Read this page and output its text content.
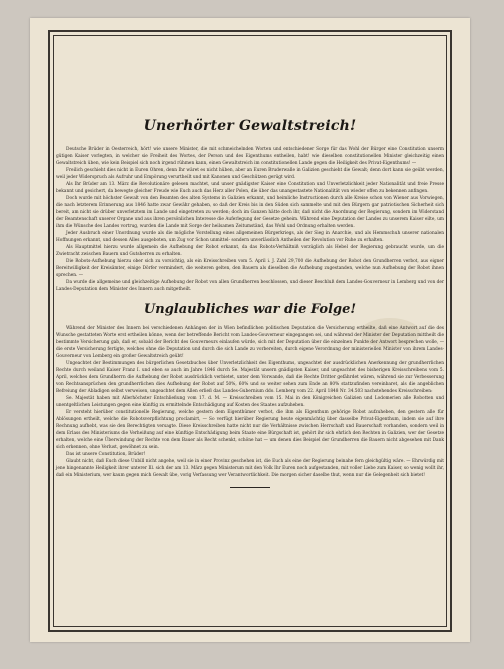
Unerhörter Gewaltstreich!

Deutsche Brüder in Oesterreich, hört! wie unsere Minister, die mit schmeichelnden Worten und entschiedener Sorge für das Wohl der Bürger eine Constitution unserm gütigen Kaiser vorlegten, in welcher sie Freiheit des Wortes, der Person und des Eigenthums entheilen, habt! wie dieselben constitutionellen Minister gleichzeitig einen Gewaltstreich üben, wie kein Beispiel sich noch irgend rühmen kann, einen Gewaltstreich im constitutionellen Lande gegen die Heiligkeit des Privat-Eigenthums! —

Freilich geschieht dies nicht in Euren Ohren, denn Ihr wäret es nicht hüben, aber an Euren Bruderwalle in Galizien geschieht die Gewalt; denn dort kann sie geübt werden, weil jeder Widerspruch als Aufruhr und Empörung verurtheilt und mit Kanonen und Geschützen gerügt wird.

Als Ihr Brüder am 13. März die Revolutionäre gelesen machtet, und unser gnädigster Kaiser eine Constitution und Unverletzlichkeit jeder Nationalität und freie Presse bekannt und gesichert, da bewegte gleicher Freude wie Euch auch das Herz aller Polen, die über das unangestastete Nationalität von wieder offen zu bekennen anfingen.

Doch wurde mit höchster Gewalt von den Beamten des alten Systems in Galizien erkannt, und heimliche Instructionen durch alle Kreise schon von Wiener aus Vorwiegen, die nach letzterem Erinnerung aus 1846 hatte zwar Gewähr gehaben, so daß der Kreis bis in den Süden sich sammelte und mit den Bürgern gar patriotischen Sicherheit sich bereit, am nicht sie drüber unverletztem im Lande und eingetreten zu werden; doch im Ganzen hätte doch ihr, daß nicht die Anordnung der Regierung, sondern im Widerstand der Beamtenschaft unserer Organe und aus ihren persönlichen Interesse die Auferlegung der Gesetze geheim. Während eine Deputation der Landes zu unserem Kaiser eilte, um ihm die Wünsche des Landes vortrug, wurden die Lande mit Sorge der heilsamen Zeitumständ, das Wohl und Ordnung erhalten werden.

Jeder Ausbruch einer Unordnung wurde als die mögliche Vorstellung eines allgemeinen Bürgerkriegs, als der Sieg in Anarchie, und als Hemmschuh unserer nationalen Hoffnungen erkannt, und dessen Alles ausgeboten, um Zug vor Schon unmittel- sondern unverlässlich Antheilen der Revolution vor Ruhe zu erhalten.

Als Hauptmittel hierzu wurde allgemein die Aufhebung der Robot erkannt, da das Robots-Verhältniß vorzüglich als Hebel der Regierung gebraucht wurde, um die Zwietracht zwischen Bauern und Gutsherren zu erhalten.

Die Robots-Aufhebung hierzu ober sich zu vorsichtig, als ein Kreisschreiben vom 5. April i. J. Zahl 29,700 die Aufhebung der Robot den Grundherren verbot, aus eigner Bereitwilligkeit der Kreisämter, einige Dörfer vermindert, die weiteren gelten, den Bauern als dieselben die Aufhebung zugestanden, welche nun Aufhebung der Robot ihnen sprechen. —

Da wurde die allgemeine und gleichzeitige Aufhebung der Robot von allen Grundherren beschlossen, und dieser Beschluß dem Landes-Gouverneur in Lemberg und von der Landes-Deputation dem Minister des Innern auch mitgetheilt.

Unglaubliches war die Folge!

Während der Minister des Innern bei verschiedenen Anhängen der in Wien befindlichen politischen Deputation die Versicherung ertheilte, daß eine Antwort auf die des Wunsche gestatteten Worte erst ertheilen könne, wenn der betreffende Bericht vom Landes-Gouverneur eingegangen sei, und während der Minister der Deputation mittheilt die bestimmte Versicherung gab, daß er, sobald der Bericht des Gouverneurs einlaufen würde, sich mit der Deputation über die einzelnen Punkte der Antwort besprechen wolle, — die erste Versicherung fertigte, welches ohne die Deputation und durch die sich Lande zu vorbereiten, durch eigene Verordnung der ministeriellen Minister von ihrem Landes-Gouverneur von Lemberg ein großer Gewaltstreich geübt!

Ungeachtet der Bestimmungen des bürgerlichen Gesetzbuches über Unverletzlichkeit des Eigenthums, ungeachtet der ausdrücklichen Anerkennung der grundherrlichen Rechte durch weiland Kaiser Franz I. und eben so auch im Jahre 1846 durch Se. Majestät unsern gnädigsten Kaiser, und ungeachtet des bisherigen Kreisschreibens vom 5. April, welches dem Grundherrn die Aufhebung der Robot ausdrücklich verbietet, unter dem Vorwande, daß die Rechte Dritter gefährdet wären, während sie zur Verbesserung von Rechtsansprüchen den grundherrlichen dies Aufhebung der Robot auf 50%, 60% und so weiter sehen zum Ende an 80% stattzufinden vereinbaret, als die angeblichen Befreiung der Abladigen selbst verweisen, ungeachtet dem Allen erließ das Landes-Gubernium ddo. Lemberg vom 22. April 1848 Nr. 34.503 nachstehendes Kreisschreiben:

Se. Majestät haben mit Allerhöchster Entschließung vom 17. d. M. — Kreisschreiben vom 15. Mai in den Königreichen Galizien und Lodomerien alle Robotten und unentgeltlichen Leistungen gegen eine künftig zu ermittelnde Entschädigung auf Kosten des Staates aufzuheben.

Er versteht hierüber constitutionelle Regierung, welche gestern dem Eigenthümer verbot, die ihm als Eigenthum gehörige Robot aufzuheben, den gestern alle für Ablösungen ertheilt, welche die Robotsverpflichtung proclamirt, — So verfügt hierüber Regierung heute eigenmächtig über dasselbe Privat-Eigenthum, indem sie auf ihre Rechnung aufhebt, was sie den Berechtigten versagte. Diese Kreisschreiben hatte nicht nur die Verhältnisse zwischen Herrschaft und Bauerschaft vorhanden, sondern weil in dem Erlass des Ministeriums die Verheißung auf eine künftige Entschädigung beim Staate eine Bürgschaft ist, gehört ihr sich ehrlich den Rechten in Galizien, wer der Gesetze erhalten, welche eine Überwindung der Rechte von dem Bauer als Recht schenkt, schöne hat — um denen dies Beispiel der Grundherren die Bauern nicht abgesehen mit Dank sich erkennen, ohne Verlust, gewöhnet zu sein.

Das ist unsere Constitution, Brüder!

Glaubt nicht, daß Euch diese Unbill nicht angehe, weil sie in einer Provinz geschehen ist, die Euch als eine der Regierung beinahe fern gleichgültig wäre. — Ehrwürdig mit jene hingenannte Heiligkeit ihrer unterer Ill. sich der am 13. März gegen Ministerum mit den Volk Ihr Euren noch aufgestanden, mit voller Liebe zum Kaiser, so wenig wollt ihr, daß ein Ministerium, wer kaum gegen mich Gewalt übe, vorig Verfassung wer Verantwortlichkeit. Die morgen sicher daselbe thut, wenn nur die Gelegenheit sich bietet!
